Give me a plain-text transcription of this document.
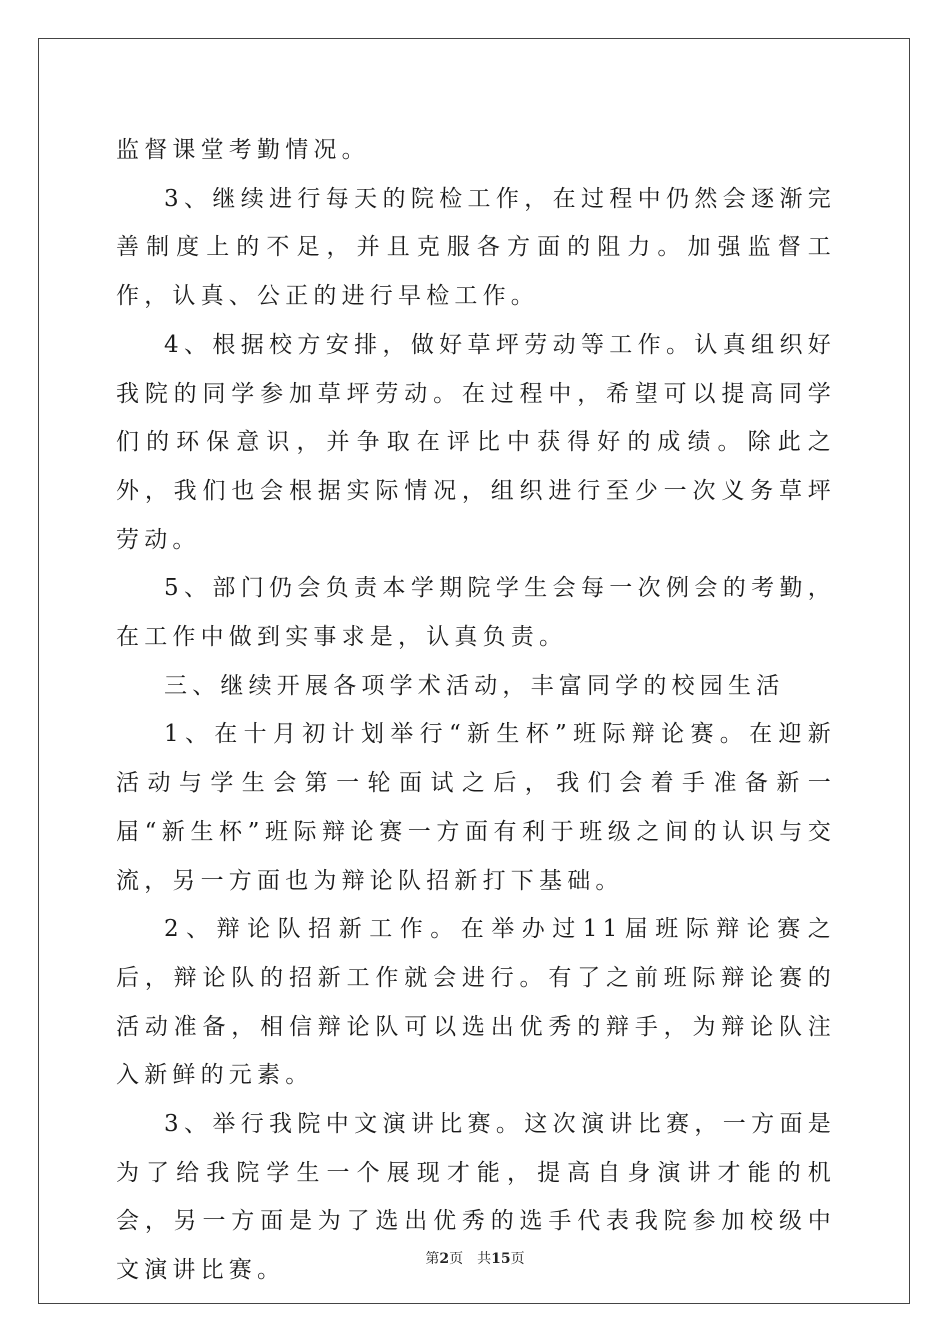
监督课堂考勤情况。

3、继续进行每天的院检工作，在过程中仍然会逐渐完善制度上的不足，并且克服各方面的阻力。加强监督工作，认真、公正的进行早检工作。

4、根据校方安排，做好草坪劳动等工作。认真组织好我院的同学参加草坪劳动。在过程中，希望可以提高同学们的环保意识，并争取在评比中获得好的成绩。除此之外，我们也会根据实际情况，组织进行至少一次义务草坪劳动。

5、部门仍会负责本学期院学生会每一次例会的考勤，在工作中做到实事求是，认真负责。

三、继续开展各项学术活动，丰富同学的校园生活

1、在十月初计划举行“新生杯”班际辩论赛。在迎新活动与学生会第一轮面试之后，我们会着手准备新一届“新生杯”班际辩论赛一方面有利于班级之间的认识与交流，另一方面也为辩论队招新打下基础。

2、辩论队招新工作。在举办过11届班际辩论赛之后，辩论队的招新工作就会进行。有了之前班际辩论赛的活动准备，相信辩论队可以选出优秀的辩手，为辩论队注入新鲜的元素。

3、举行我院中文演讲比赛。这次演讲比赛，一方面是为了给我院学生一个展现才能，提高自身演讲才能的机会，另一方面是为了选出优秀的选手代表我院参加校级中文演讲比赛。	第2页 共15页
